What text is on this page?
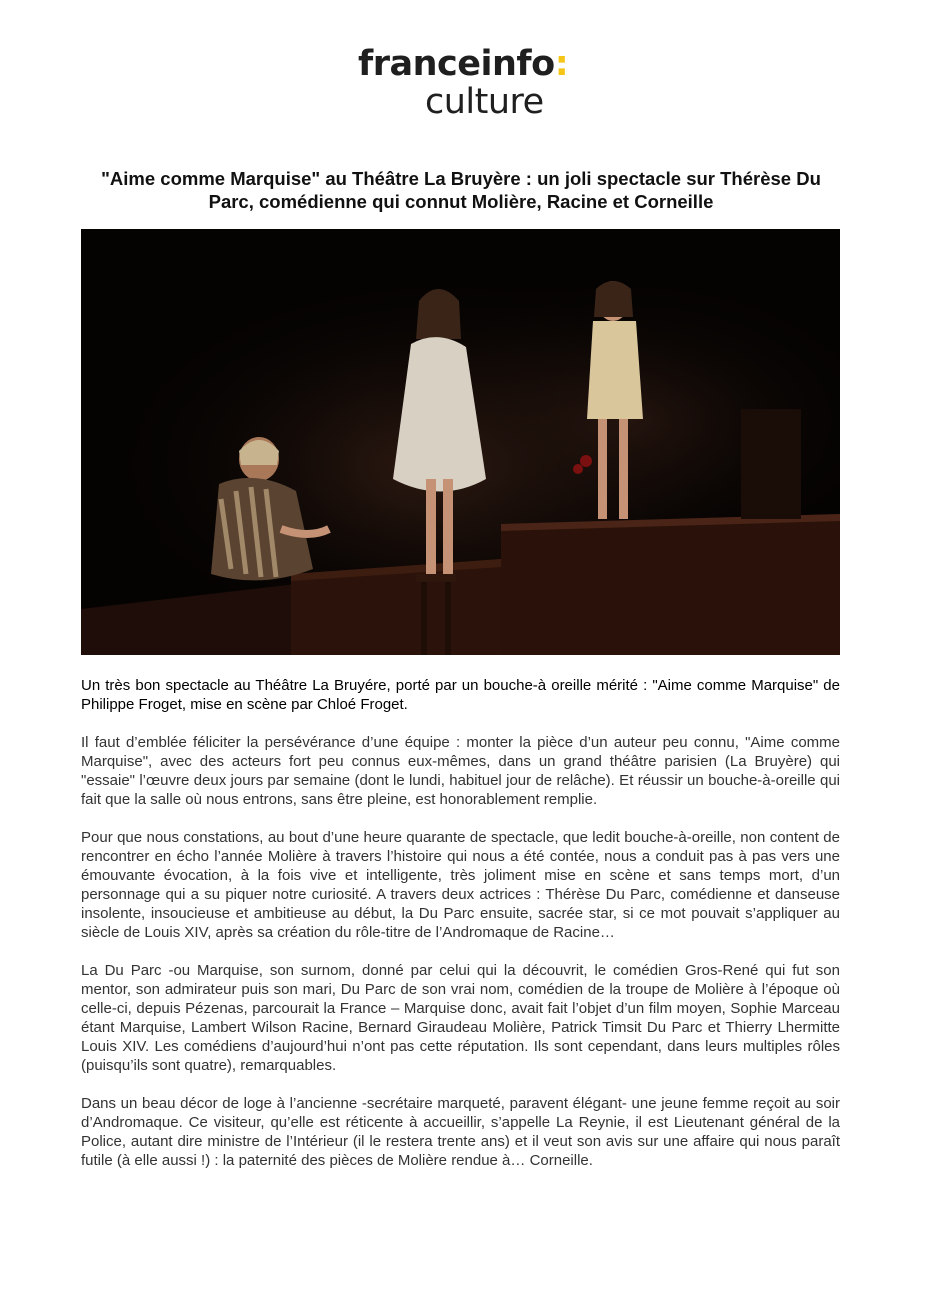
franceinfo:
culture
"Aime comme Marquise" au Théâtre La Bruyère : un joli spectacle sur Thérèse Du Parc, comédienne qui connut Molière, Racine et Corneille

Un très bon spectacle au Théâtre La Bruyére, porté par un bouche-à oreille mérité : "Aime comme Marquise" de Philippe Froget, mise en scène par Chloé Froget.

Il faut d’emblée féliciter la persévérance d’une équipe : monter la pièce d’un auteur peu connu, "Aime comme Marquise", avec des acteurs fort peu connus eux-mêmes, dans un grand théâtre parisien (La Bruyère) qui "essaie" l’œuvre deux jours par semaine (dont le lundi, habituel jour de relâche). Et réussir un bouche-à-oreille qui fait que la salle où nous entrons, sans être pleine, est honorablement remplie.

Pour que nous constations, au bout d’une heure quarante de spectacle, que ledit bouche-à-oreille, non content de rencontrer en écho l’année Molière à travers l’histoire qui nous a été contée, nous a conduit pas à pas vers une émouvante évocation, à la fois vive et intelligente, très joliment mise en scène et sans temps mort, d’un personnage qui a su piquer notre curiosité. A travers deux actrices : Thérèse Du Parc, comédienne et danseuse insolente, insoucieuse et ambitieuse au début, la Du Parc ensuite, sacrée star, si ce mot pouvait s’appliquer au siècle de Louis XIV, après sa création du rôle-titre de l’Andromaque de Racine…

La Du Parc -ou Marquise, son surnom, donné par celui qui la découvrit, le comédien Gros-René qui fut son mentor, son admirateur puis son mari, Du Parc de son vrai nom, comédien de la troupe de Molière à l’époque où celle-ci, depuis Pézenas, parcourait la France – Marquise donc, avait fait l’objet d’un film moyen, Sophie Marceau étant Marquise, Lambert Wilson Racine, Bernard Giraudeau Molière, Patrick Timsit Du Parc et Thierry Lhermitte Louis XIV. Les comédiens d’aujourd’hui n’ont pas cette réputation. Ils sont cependant, dans leurs multiples rôles (puisqu’ils sont quatre), remarquables.

Dans un beau décor de loge à l’ancienne -secrétaire marqueté, paravent élégant- une jeune femme reçoit au soir d’Andromaque. Ce visiteur, qu’elle est réticente à accueillir, s’appelle La Reynie, il est Lieutenant général de la Police, autant dire ministre de l’Intérieur (il le restera trente ans) et il veut son avis sur une affaire qui nous paraît futile (à elle aussi !) : la paternité des pièces de Molière rendue à… Corneille.
